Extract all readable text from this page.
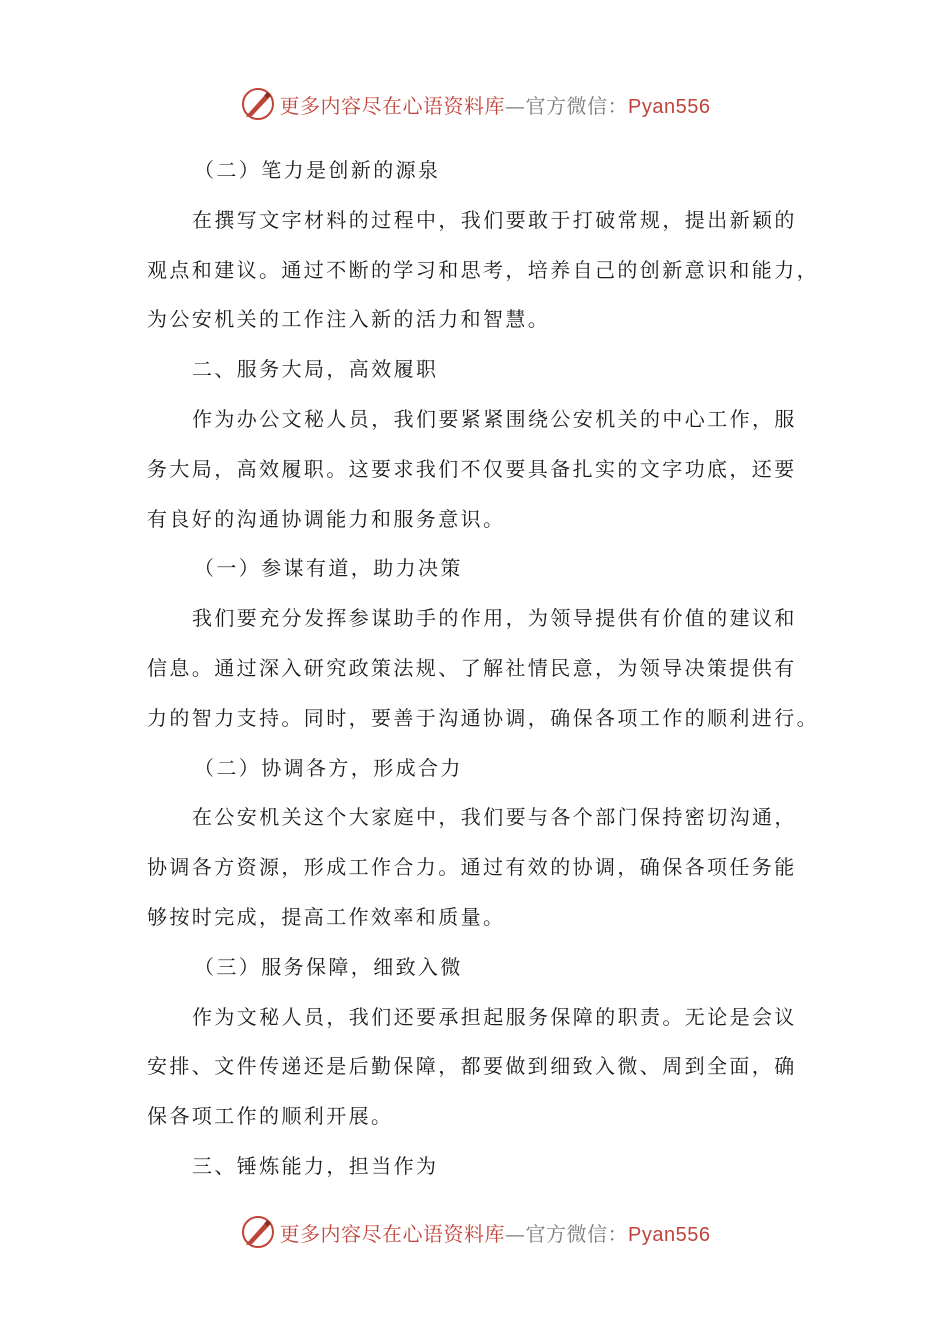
更多内容尽在心语资料库—官方微信：Pyan556
（二）笔力是创新的源泉
在撰写文字材料的过程中，我们要敢于打破常规，提出新颖的
观点和建议。通过不断的学习和思考，培养自己的创新意识和能力，
为公安机关的工作注入新的活力和智慧。
二、服务大局，高效履职
作为办公文秘人员，我们要紧紧围绕公安机关的中心工作，服
务大局，高效履职。这要求我们不仅要具备扎实的文字功底，还要
有良好的沟通协调能力和服务意识。
（一）参谋有道，助力决策
我们要充分发挥参谋助手的作用，为领导提供有价值的建议和
信息。通过深入研究政策法规、了解社情民意，为领导决策提供有
力的智力支持。同时，要善于沟通协调，确保各项工作的顺利进行。
（二）协调各方，形成合力
在公安机关这个大家庭中，我们要与各个部门保持密切沟通，
协调各方资源，形成工作合力。通过有效的协调，确保各项任务能
够按时完成，提高工作效率和质量。
（三）服务保障，细致入微
作为文秘人员，我们还要承担起服务保障的职责。无论是会议
安排、文件传递还是后勤保障，都要做到细致入微、周到全面，确
保各项工作的顺利开展。
三、锤炼能力，担当作为
更多内容尽在心语资料库—官方微信：Pyan556
